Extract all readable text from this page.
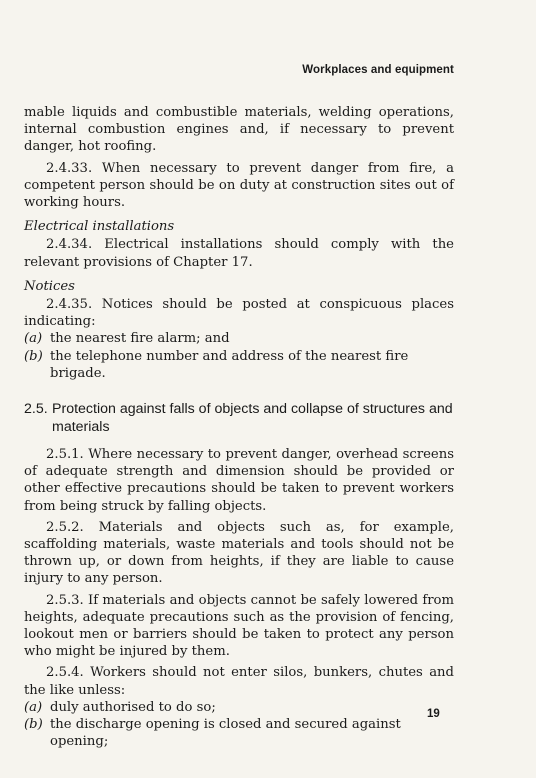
Workplaces and equipment

mable liquids and combustible materials, welding operations, internal combustion engines and, if necessary to prevent danger, hot roofing.

2.4.33. When necessary to prevent danger from fire, a competent person should be on duty at construction sites out of working hours.

Electrical installations

2.4.34. Electrical installations should comply with the relevant provisions of Chapter 17.

Notices

2.4.35. Notices should be posted at conspicuous places indicating:

(a) the nearest fire alarm; and
(b) the telephone number and address of the nearest fire brigade.
2.5. Protection against falls of objects and collapse of structures and materials

2.5.1. Where necessary to prevent danger, overhead screens of adequate strength and dimension should be provided or other effective precautions should be taken to prevent workers from being struck by falling objects.

2.5.2. Materials and objects such as, for example, scaffolding materials, waste materials and tools should not be thrown up, or down from heights, if they are liable to cause injury to any person.

2.5.3. If materials and objects cannot be safely lowered from heights, adequate precautions such as the provision of fencing, lookout men or barriers should be taken to protect any person who might be injured by them.

2.5.4. Workers should not enter silos, bunkers, chutes and the like unless:

(a) duly authorised to do so;
(b) the discharge opening is closed and secured against opening;
19
